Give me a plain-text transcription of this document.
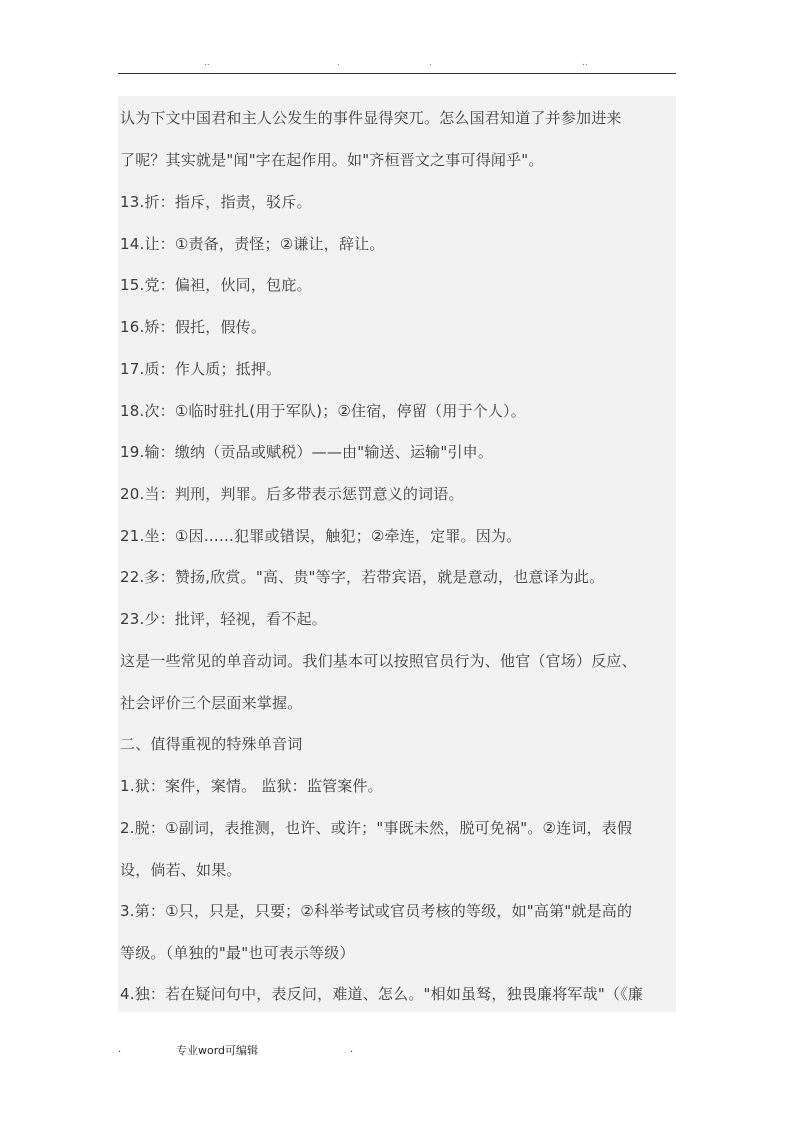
..	.	.	..
认为下文中国君和主人公发生的事件显得突兀。怎么国君知道了并参加进来
了呢？其实就是"闻"字在起作用。如"齐桓晋文之事可得闻乎"。
13.折：指斥，指责，驳斥。
14.让：①责备，责怪；②谦让，辞让。
15.党：偏袒，伙同，包庇。
16.矫：假托，假传。
17.质：作人质；抵押。
18.次：①临时驻扎(用于军队)；②住宿，停留（用于个人）。
19.输：缴纳（贡品或赋税）——由"输送、运输"引申。
20.当：判刑，判罪。后多带表示惩罚意义的词语。
21.坐：①因……犯罪或错误，触犯；②牵连，定罪。因为。
22.多：赞扬,欣赏。"高、贵"等字，若带宾语，就是意动，也意译为此。
23.少：批评，轻视，看不起。
这是一些常见的单音动词。我们基本可以按照官员行为、他官（官场）反应、
社会评价三个层面来掌握。
二、值得重视的特殊单音词
1.狱：案件，案情。 监狱：监管案件。
2.脱：①副词，表推测，也许、或许；"事既未然，脱可免祸"。②连词，表假
设，倘若、如果。
3.第：①只，只是，只要；②科举考试或官员考核的等级，如"高第"就是高的
等级。（单独的"最"也可表示等级）
4.独：若在疑问句中，表反问，难道、怎么。"相如虽驽，独畏廉将军哉"（《廉
.	专业word可编辑	.
